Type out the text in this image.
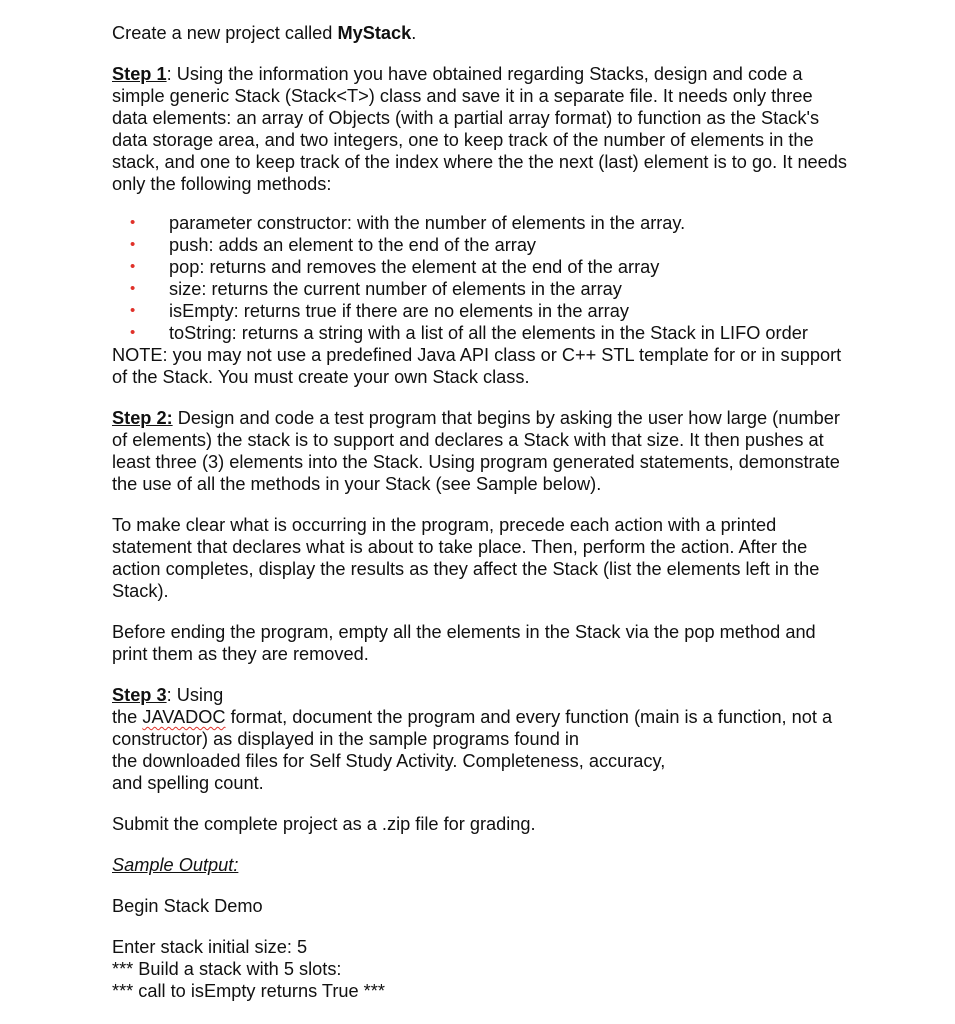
Create a new project called MyStack.

Step 1: Using the information you have obtained regarding Stacks, design and code a simple generic Stack (Stack<T>) class and save it in a separate file. It needs only three data elements: an array of Objects (with a partial array format) to function as the Stack's data storage area, and two integers, one to keep track of the number of elements in the stack, and one to keep track of the index where the the next (last) element is to go. It needs only the following methods:

• parameter constructor: with the number of elements in the array.
• push: adds an element to the end of the array
• pop: returns and removes the element at the end of the array
• size: returns the current number of elements in the array
• isEmpty: returns true if there are no elements in the array
• toString: returns a string with a list of all the elements in the Stack in LIFO order

NOTE: you may not use a predefined Java API class or C++ STL template for or in support of the Stack. You must create your own Stack class.

Step 2: Design and code a test program that begins by asking the user how large (number of elements) the stack is to support and declares a Stack with that size. It then pushes at least three (3) elements into the Stack. Using program generated statements, demonstrate the use of all the methods in your Stack (see Sample below).

To make clear what is occurring in the program, precede each action with a printed statement that declares what is about to take place. Then, perform the action. After the action completes, display the results as they affect the Stack (list the elements left in the Stack).

Before ending the program, empty all the elements in the Stack via the pop method and print them as they are removed.

Step 3: Using
the JAVADOC format, document the program and every function (main is a function, not a constructor) as displayed in the sample programs found in
the downloaded files for Self Study Activity. Completeness, accuracy,
and spelling count.

Submit the complete project as a .zip file for grading.

Sample Output:

Begin Stack Demo

Enter stack initial size: 5
*** Build a stack with 5 slots:
*** call to isEmpty returns True ***
